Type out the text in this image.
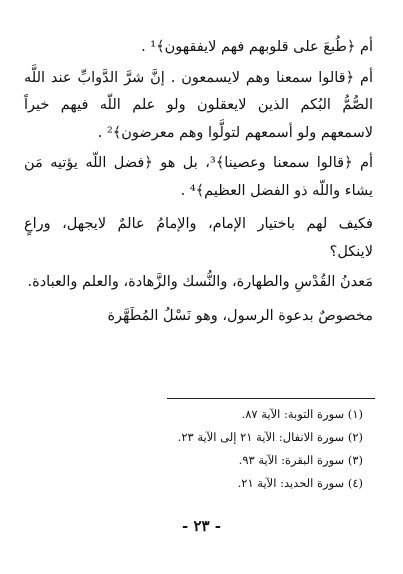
أم ﴿طُبعَ على قلوبهم فهم لايفقهون﴾¹ .

أم ﴿قالوا سمعنا وهم لايسمعون . إنَّ شرَّ الدَّوابِّ عند اللَّه الصُّمُّ البُكم الذين لايعقلون ولو علم اللّه فيهم خيراً لاسمعهم ولو أسمعهم لتولَّوا وهم معرضون﴾² .

أم ﴿قالوا سمعنا وعصينا﴾³، بل هو ﴿فضل اللّه يؤتيه مَن يشاء واللّه ذو الفضل العظيم﴾⁴ .

فكيف لهم باختيار الإمام، والإمامُ عالمٌ لايجهل، وراعٍ لاينكل؟

مَعدنُ القُدْسِ والطهارة، والنُّسك والزَّهادة، والعلم والعبادة.

مخصوصٌ بدعوة الرسول، وهو نَسْلُ المُطَهَّرة

(١) سورة التوبة: الآية ٨٧.
(٢) سورة الانفال: الآية ٢١ إلى الآية ٢٣.
(٣) سورة البقرة: الآية ٩٣.
(٤) سورة الحديد: الآية ٢١.
- ٢٣ -
